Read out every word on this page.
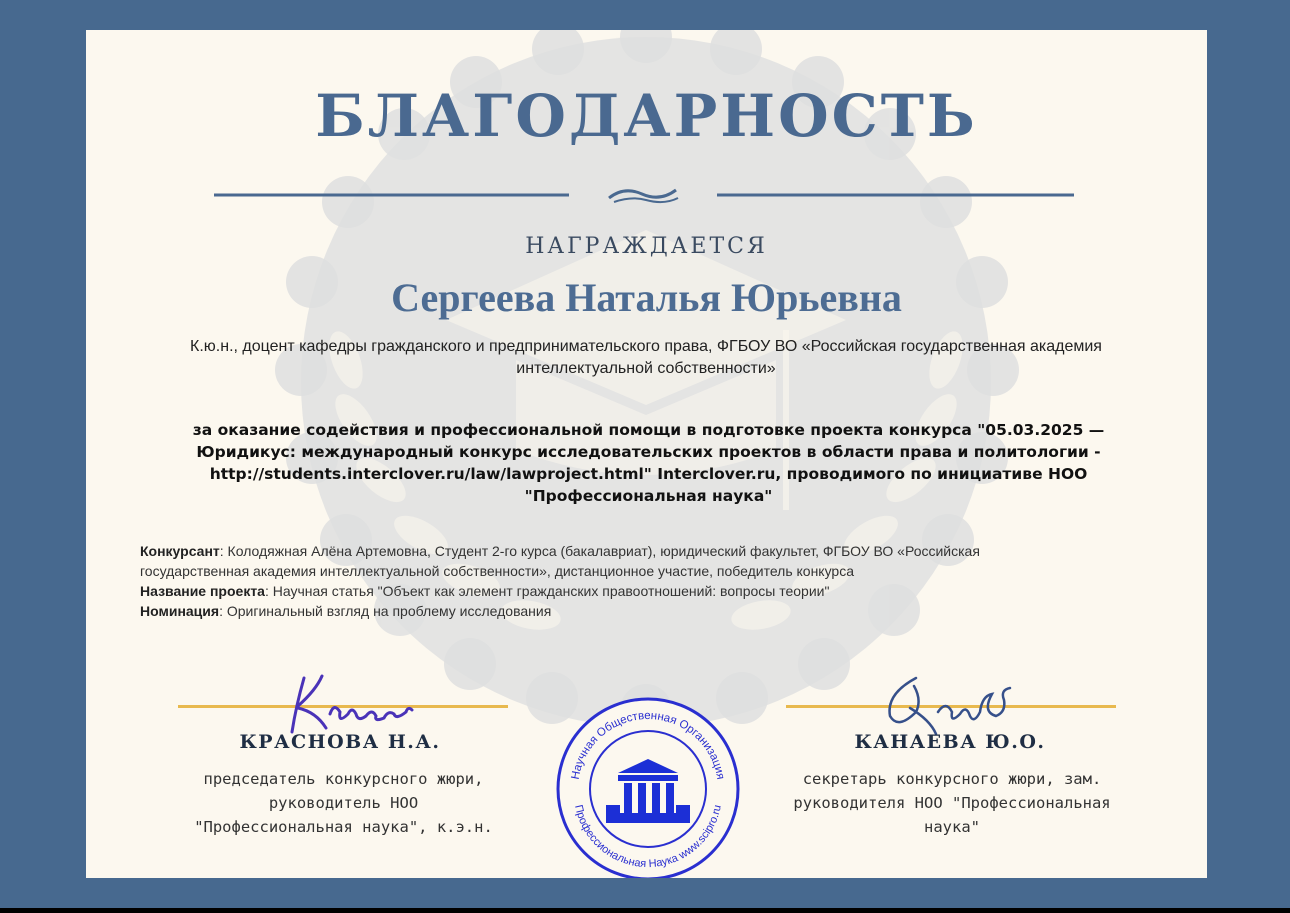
БЛАГОДАРНОСТЬ
НАГРАЖДАЕТСЯ
Сергеева Наталья Юрьевна
К.ю.н., доцент кафедры гражданского и предпринимательского права, ФГБОУ ВО «Российская государственная академия интеллектуальной собственности»
за оказание содействия и профессиональной помощи в подготовке проекта конкурса "05.03.2025 — Юридикус: международный конкурс исследовательских проектов в области права и политологии - http://students.interclover.ru/law/lawproject.html" Interclover.ru, проводимого по инициативе НОО "Профессиональная наука"
Конкурсант: Колодяжная Алёна Артемовна, Студент 2-го курса (бакалавриат), юридический факультет, ФГБОУ ВО «Российская государственная академия интеллектуальной собственности», дистанционное участие, победитель конкурса
Название проекта: Научная статья "Объект как элемент гражданских правоотношений: вопросы теории"
Номинация: Оригинальный взгляд на проблему исследования
КРАСНОВА Н.А.	КАНАЕВА Ю.О.
председатель конкурсного жюри, руководитель НОО "Профессиональная наука", к.э.н.
секретарь конкурсного жюри, зам. руководителя НОО "Профессиональная наука"
Научная Общественная Организация
Профессиональная Наука www.scipro.ru
